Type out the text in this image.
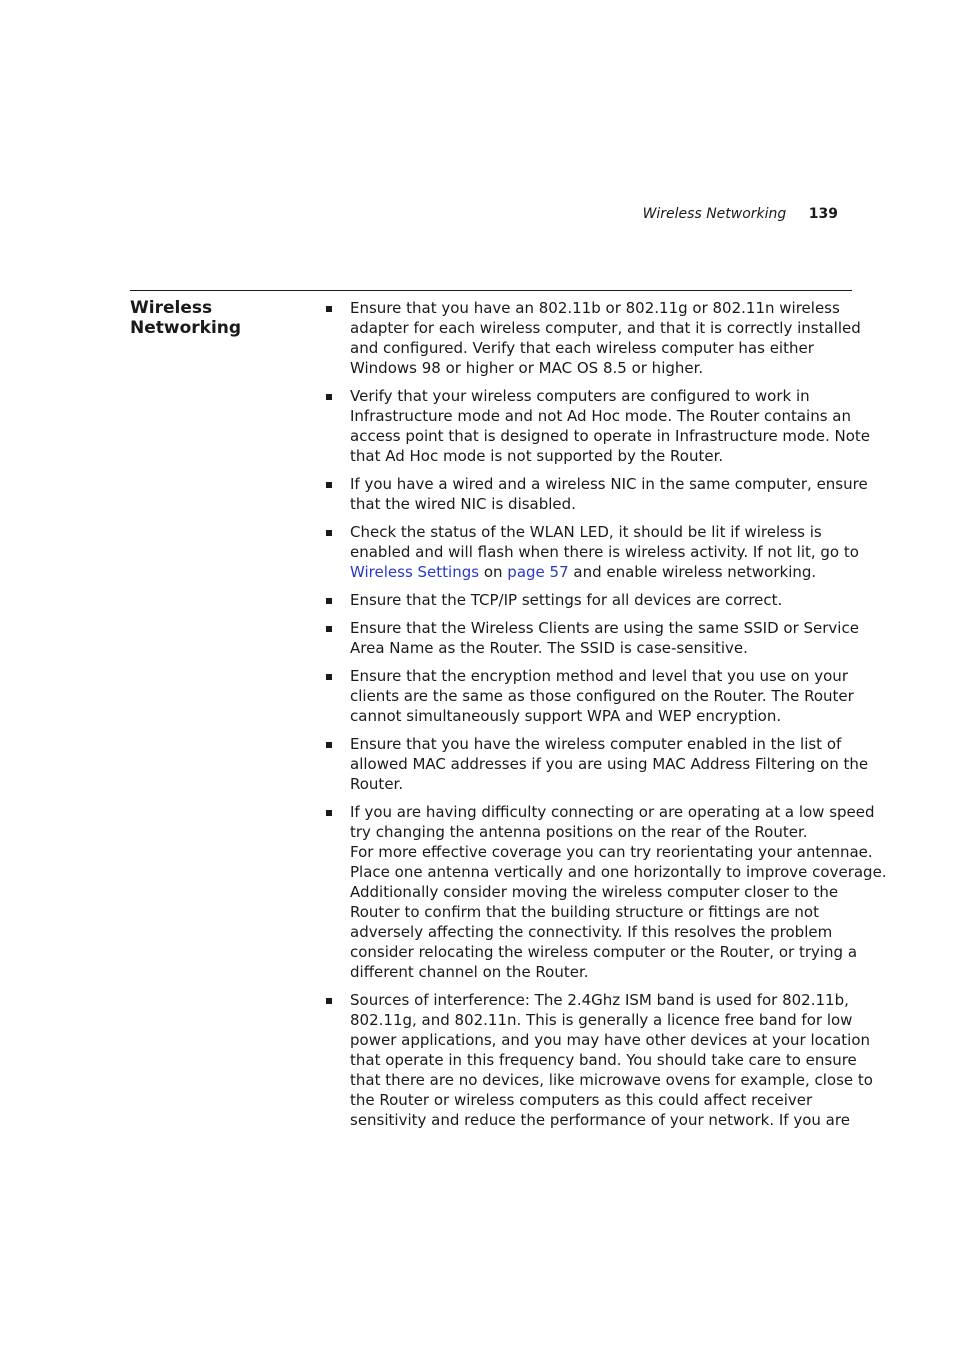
Wireless Networking 139
Wireless
Networking
Ensure that you have an 802.11b or 802.11g or 802.11n wireless
adapter for each wireless computer, and that it is correctly installed
and configured. Verify that each wireless computer has either
Windows 98 or higher or MAC OS 8.5 or higher.
Verify that your wireless computers are configured to work in
Infrastructure mode and not Ad Hoc mode. The Router contains an
access point that is designed to operate in Infrastructure mode. Note
that Ad Hoc mode is not supported by the Router.
If you have a wired and a wireless NIC in the same computer, ensure
that the wired NIC is disabled.
Check the status of the WLAN LED, it should be lit if wireless is
enabled and will flash when there is wireless activity. If not lit, go to
Wireless Settings on page 57 and enable wireless networking.
Ensure that the TCP/IP settings for all devices are correct.
Ensure that the Wireless Clients are using the same SSID or Service
Area Name as the Router. The SSID is case-sensitive.
Ensure that the encryption method and level that you use on your
clients are the same as those configured on the Router. The Router
cannot simultaneously support WPA and WEP encryption.
Ensure that you have the wireless computer enabled in the list of
allowed MAC addresses if you are using MAC Address Filtering on the
Router.
If you are having difficulty connecting or are operating at a low speed
try changing the antenna positions on the rear of the Router.
For more effective coverage you can try reorientating your antennae.
Place one antenna vertically and one horizontally to improve coverage.
Additionally consider moving the wireless computer closer to the
Router to confirm that the building structure or fittings are not
adversely affecting the connectivity. If this resolves the problem
consider relocating the wireless computer or the Router, or trying a
different channel on the Router.
Sources of interference: The 2.4Ghz ISM band is used for 802.11b,
802.11g, and 802.11n. This is generally a licence free band for low
power applications, and you may have other devices at your location
that operate in this frequency band. You should take care to ensure
that there are no devices, like microwave ovens for example, close to
the Router or wireless computers as this could affect receiver
sensitivity and reduce the performance of your network. If you are
